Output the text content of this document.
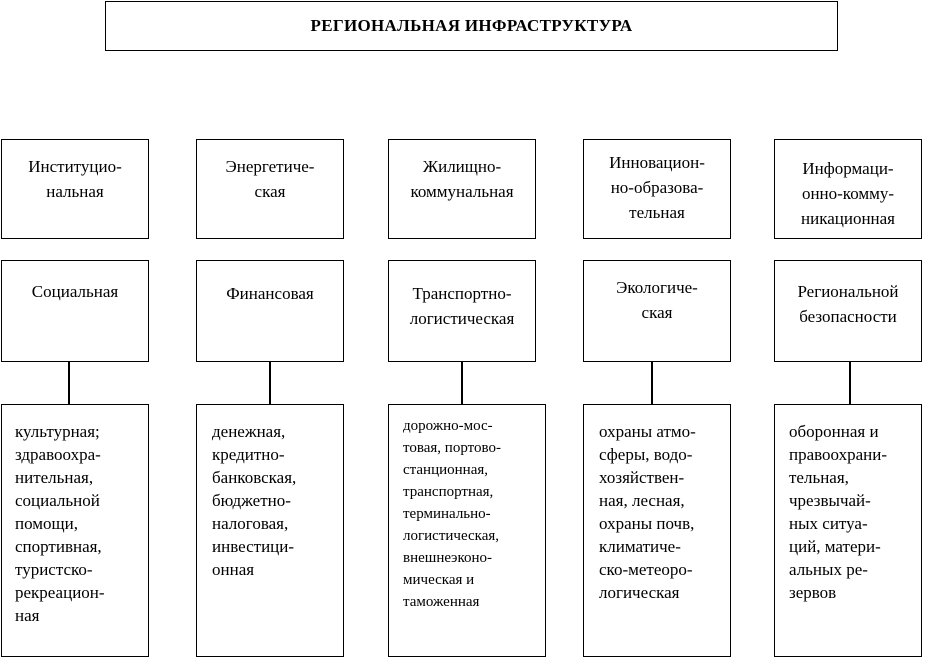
РЕГИОНАЛЬНАЯ ИНФРАСТРУКТУРА
Институцио-
нальная
Энергетиче-
ская
Жилищно-
коммунальная
Инновацион-
но-образова-
тельная
Информаци-
онно-комму-
никационная
Социальная	Финансовая	Транспортно-
логистическая
Экологиче-
ская
Региональной
безопасности
культурная;
здравоохра-
нительная,
социальной
помощи,
спортивная,
туристско-
рекреацион-
ная
денежная,
кредитно-
банковская,
бюджетно-
налоговая,
инвестици-
онная
дорожно-мос-
товая, портово-
станционная,
транспортная,
терминально-
логистическая,
внешнеэконо-
мическая и
таможенная
охраны атмо-
сферы, водо-
хозяйствен-
ная, лесная,
охраны почв,
климатиче-
ско-метеоро-
логическая
оборонная и
правоохрани-
тельная,
чрезвычай-
ных ситуа-
ций, матери-
альных ре-
зервов
